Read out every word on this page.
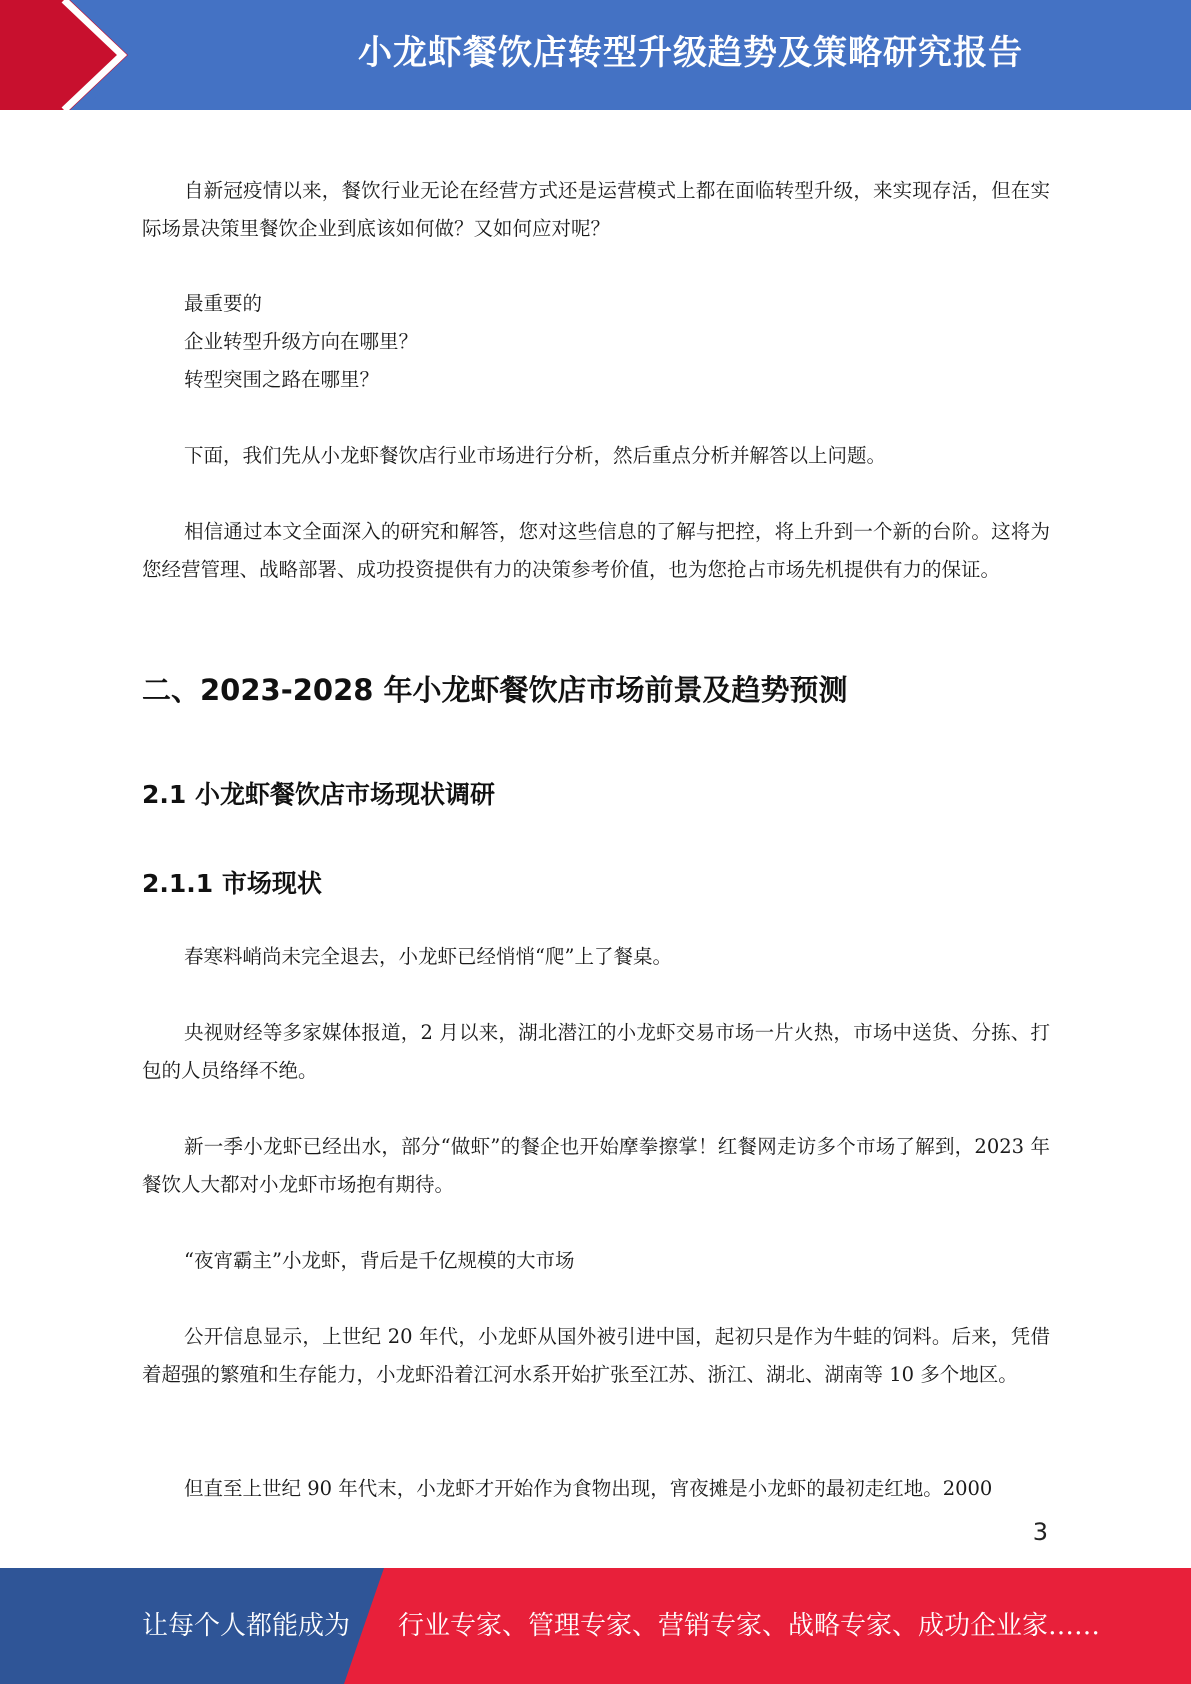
小龙虾餐饮店转型升级趋势及策略研究报告

自新冠疫情以来，餐饮行业无论在经营方式还是运营模式上都在面临转型升级，来实现存活，但在实际场景决策里餐饮企业到底该如何做？又如何应对呢？

最重要的

企业转型升级方向在哪里？

转型突围之路在哪里？

下面，我们先从小龙虾餐饮店行业市场进行分析，然后重点分析并解答以上问题。

相信通过本文全面深入的研究和解答，您对这些信息的了解与把控，将上升到一个新的台阶。这将为您经营管理、战略部署、成功投资提供有力的决策参考价值，也为您抢占市场先机提供有力的保证。

二、2023-2028 年小龙虾餐饮店市场前景及趋势预测
2.1 小龙虾餐饮店市场现状调研
2.1.1 市场现状

春寒料峭尚未完全退去，小龙虾已经悄悄“爬”上了餐桌。

央视财经等多家媒体报道，2 月以来，湖北潜江的小龙虾交易市场一片火热，市场中送货、分拣、打包的人员络绎不绝。

新一季小龙虾已经出水，部分“做虾”的餐企也开始摩拳擦掌！红餐网走访多个市场了解到，2023 年餐饮人大都对小龙虾市场抱有期待。

“夜宵霸主”小龙虾，背后是千亿规模的大市场

公开信息显示，上世纪 20 年代，小龙虾从国外被引进中国，起初只是作为牛蛙的饲料。后来，凭借着超强的繁殖和生存能力，小龙虾沿着江河水系开始扩张至江苏、浙江、湖北、湖南等 10 多个地区。

但直至上世纪 90 年代末，小龙虾才开始作为食物出现，宵夜摊是小龙虾的最初走红地。2000

3
让每个人都能成为 行业专家、管理专家、营销专家、战略专家、成功企业家……
